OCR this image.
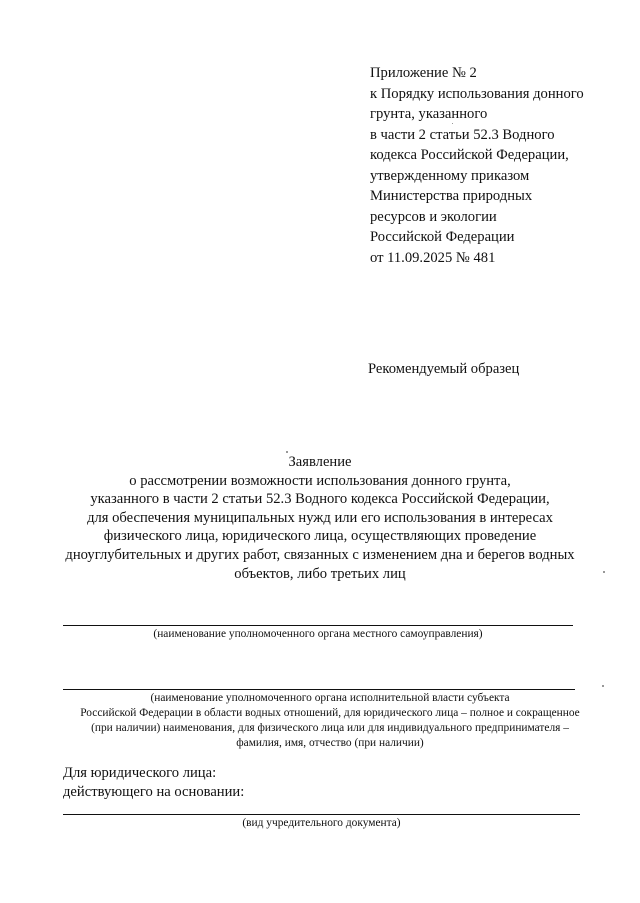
Приложение № 2
к Порядку использования донного
грунта, указанного
в части 2 статьи 52.3 Водного
кодекса Российской Федерации,
утвержденному приказом
Министерства природных
ресурсов и экологии
Российской Федерации
от 11.09.2025 № 481
Рекомендуемый образец
Заявление
о рассмотрении возможности использования донного грунта,
указанного в части 2 статьи 52.3 Водного кодекса Российской Федерации,
для обеспечения муниципальных нужд или его использования в интересах
физического лица, юридического лица, осуществляющих проведение
дноуглубительных и других работ, связанных с изменением дна и берегов водных
объектов, либо третьих лиц
(наименование уполномоченного органа местного самоуправления)
(наименование уполномоченного органа исполнительной власти субъекта
Российской Федерации в области водных отношений, для юридического лица – полное и сокращенное
(при наличии) наименования, для физического лица или для индивидуального предпринимателя –
фамилия, имя, отчество (при наличии)
Для юридического лица:
действующего на основании:
(вид учредительного документа)
